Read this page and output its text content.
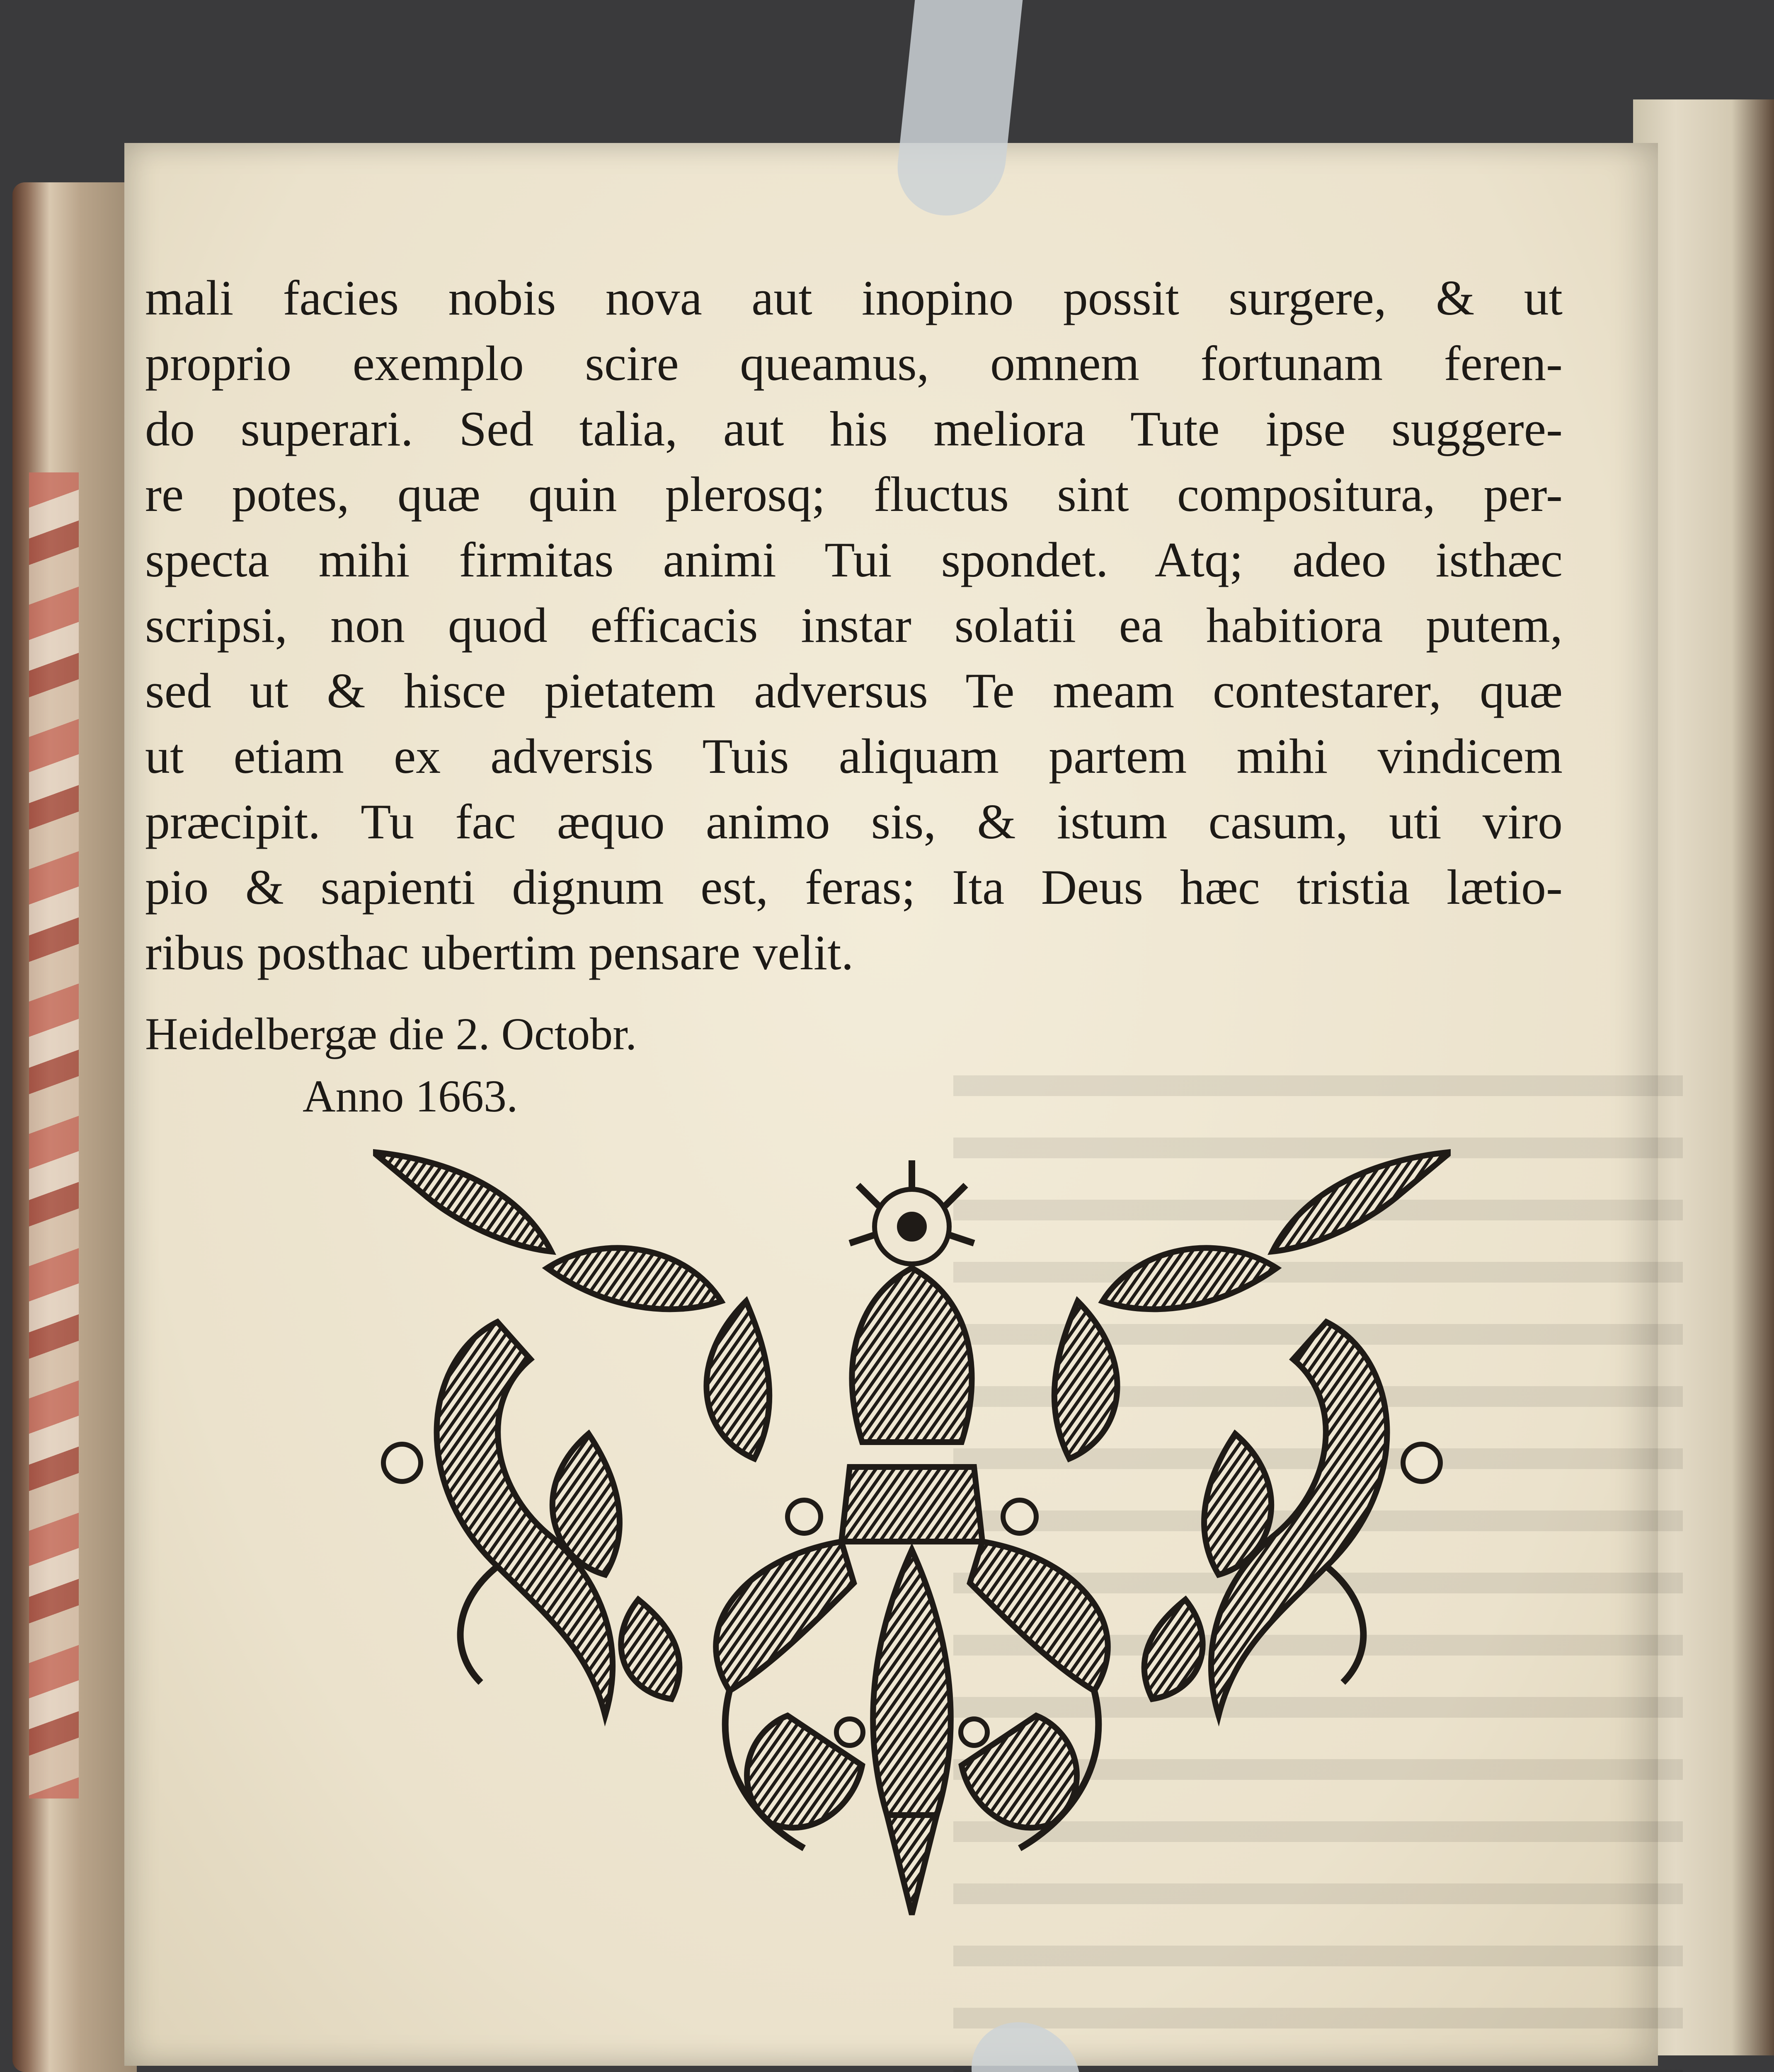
mali facies nobis nova aut inopino possit surgere, & ut
proprio exemplo scire queamus, omnem fortunam feren-
do superari. Sed talia, aut his meliora Tute ipse suggere-
re potes, quæ quin plerosq; fluctus sint compositura, per-
specta mihi firmitas animi Tui spondet. Atq; adeo isthæc
scripsi, non quod efficacis instar solatii ea habitiora putem,
sed ut & hisce pietatem adversus Te meam contestarer, quæ
ut etiam ex adversis Tuis aliquam partem mihi vindicem
præcipit. Tu fac æquo animo sis, & istum casum, uti viro
pio & sapienti dignum est, feras; Ita Deus hæc tristia lætio-
ribus posthac ubertim pensare velit.
Heidelbergæ die 2. Octobr.
Anno 1663.
